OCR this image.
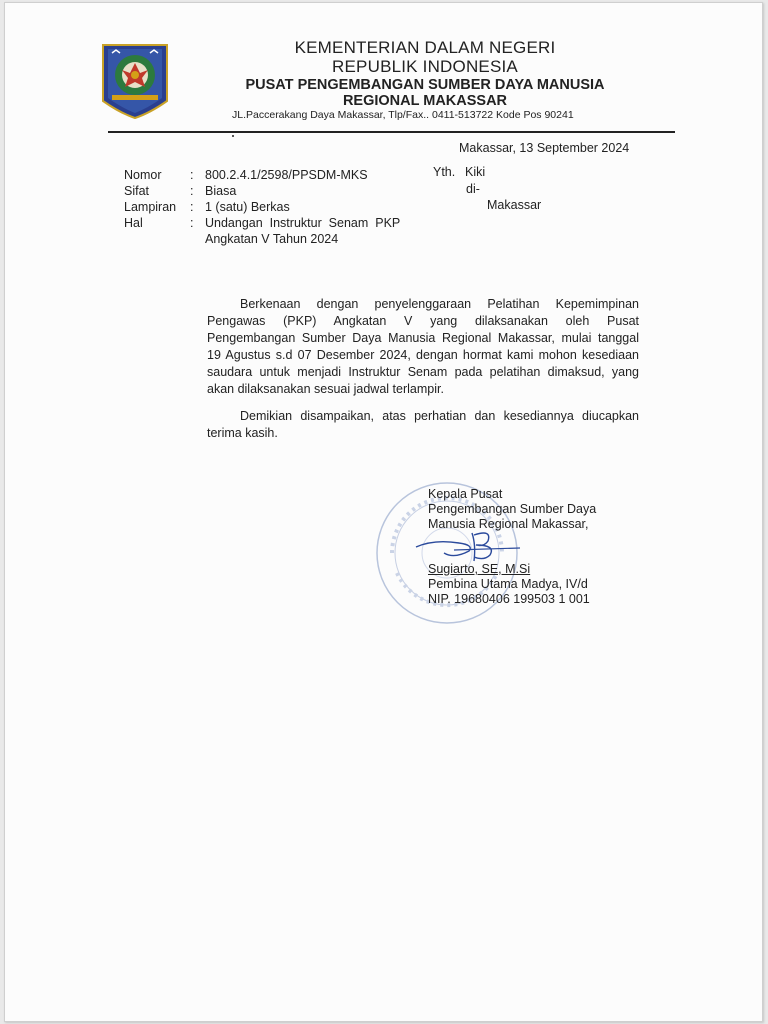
KEMENTERIAN DALAM NEGERI
REPUBLIK INDONESIA
PUSAT PENGEMBANGAN SUMBER DAYA MANUSIA
REGIONAL MAKASSAR
JL.Paccerakang Daya Makassar, Tlp/Fax.. 0411-513722 Kode Pos 90241
Makassar, 13 September 2024
Nomor : 800.2.4.1/2598/PPSDM-MKS
Sifat	: Biasa
Lampiran : 1 (satu) Berkas
Hal	: Undangan  Instruktur  Senam  PKP
Angkatan V Tahun 2024
Yth. Kiki
di-
Makassar
Berkenaan dengan penyelenggaraan Pelatihan Kepemimpinan
Pengawas (PKP) Angkatan V yang dilaksanakan oleh Pusat
Pengembangan Sumber Daya Manusia Regional Makassar, mulai tanggal
19 Agustus s.d 07 Desember 2024, dengan hormat kami mohon kesediaan
saudara untuk menjadi Instruktur Senam pada pelatihan dimaksud, yang
akan dilaksanakan sesuai jadwal terlampir.
Demikian disampaikan, atas perhatian dan kesediannya diucapkan
terima kasih.
Kepala Pusat
Pengembangan Sumber Daya
Manusia Regional Makassar,
Sugiarto, SE, M.Si
Pembina Utama Madya, IV/d
NIP. 19680406 199503 1 001
